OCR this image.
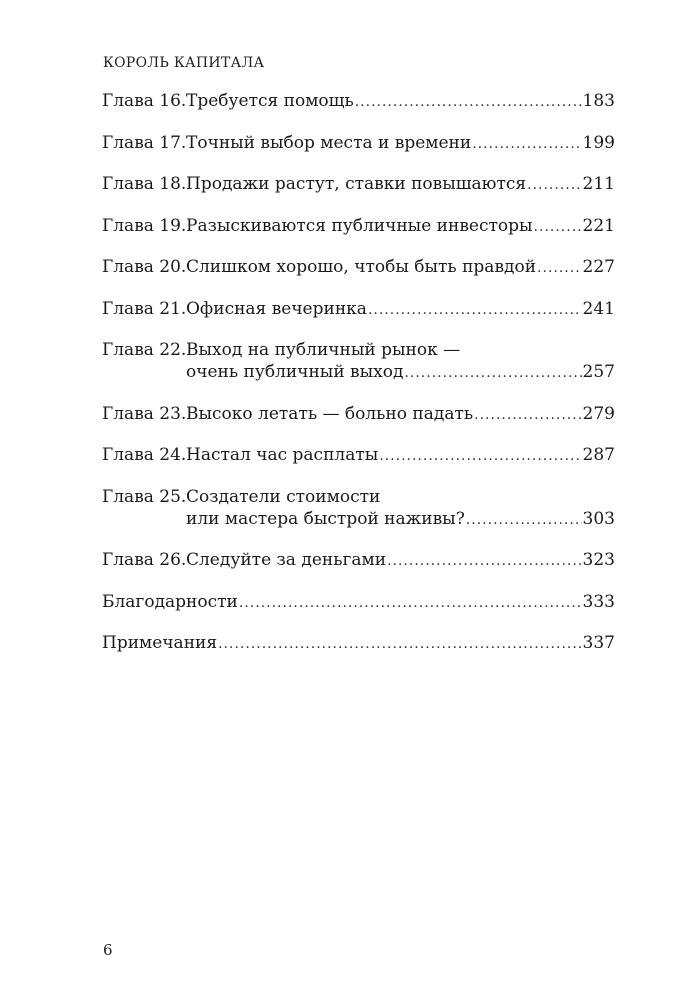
КОРОЛЬ КАПИТАЛА
Глава 16. Требуется помощь .....	183
Глава 17. Точный выбор места и времени .....	199
Глава 18. Продажи растут, ставки повышаются .....	211
Глава 19. Разыскиваются публичные инвесторы .....	221
Глава 20. Слишком хорошо, чтобы быть правдой .....	227
Глава 21. Офисная вечеринка .....	241
Глава 22. Выход на публичный рынок —
очень публичный выход .....	257
Глава 23. Высоко летать — больно падать .....	279
Глава 24. Настал час расплаты .....	287
Глава 25. Создатели стоимости
или мастера быстрой наживы? .....	303
Глава 26. Следуйте за деньгами .....	323
Благодарности .....	333
Примечания .....	337
6
